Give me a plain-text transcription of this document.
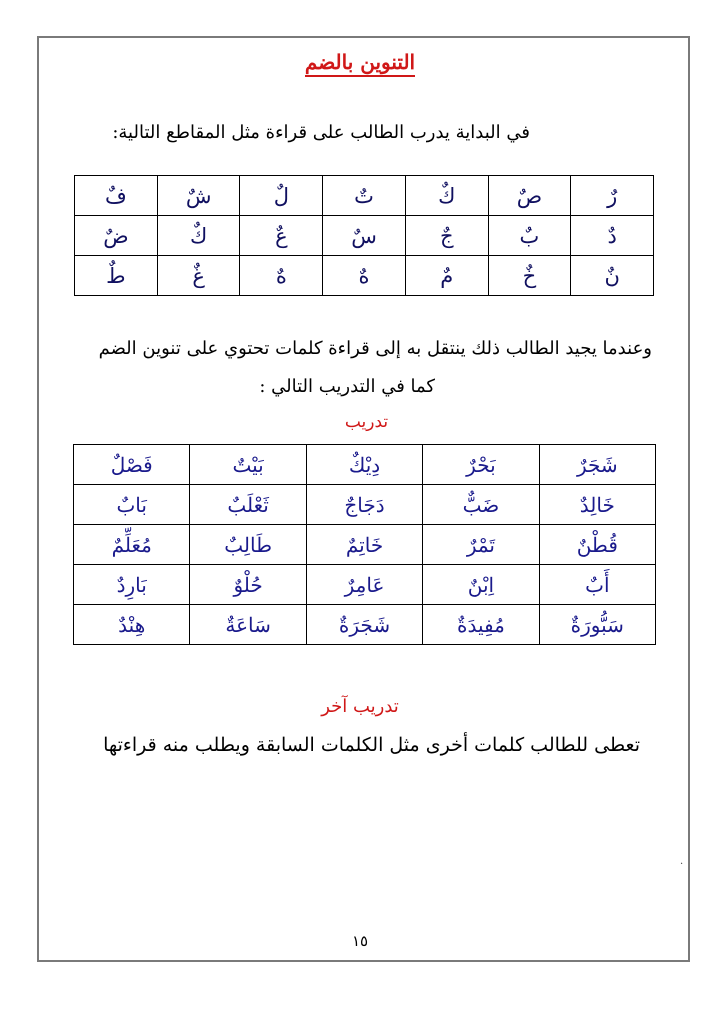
التنوين بالضم
في البداية يدرب الطالب على قراءة مثل المقاطع التالية:
رٌ	صٌ	كٌ	تٌ	لٌ	شٌ	فٌ
دٌ	بٌ	جٌ	سٌ	عٌ	كٌ	ضٌ
نٌ	خٌ	مٌ	هٌ	هٌ	غٌ	طٌ
وعندما يجيد الطالب ذلك ينتقل به إلى قراءة كلمات تحتوي على تنوين الضم
كما في التدريب التالي :
تدريب
شَجَرٌ	بَحْرٌ	دِيْكٌ	بَيْتٌ	فَصْلٌ
خَالِدٌ	ضَبٌّ	دَجَاجٌ	ثَعْلَبٌ	بَابٌ
قُطْنٌ	تَمْرٌ	خَاتِمٌ	طَالِبٌ	مُعَلِّمٌ
أَبٌ	اِبْنٌ	عَامِرٌ	حُلْوٌ	بَارِدٌ
سَبُّورَةٌ	مُفِيدَةٌ	شَجَرَةٌ	سَاعَةٌ	هِنْدٌ
تدريب آخر
تعطى للطالب كلمات أخرى مثل الكلمات السابقة ويطلب منه قراءتها
.
١٥
